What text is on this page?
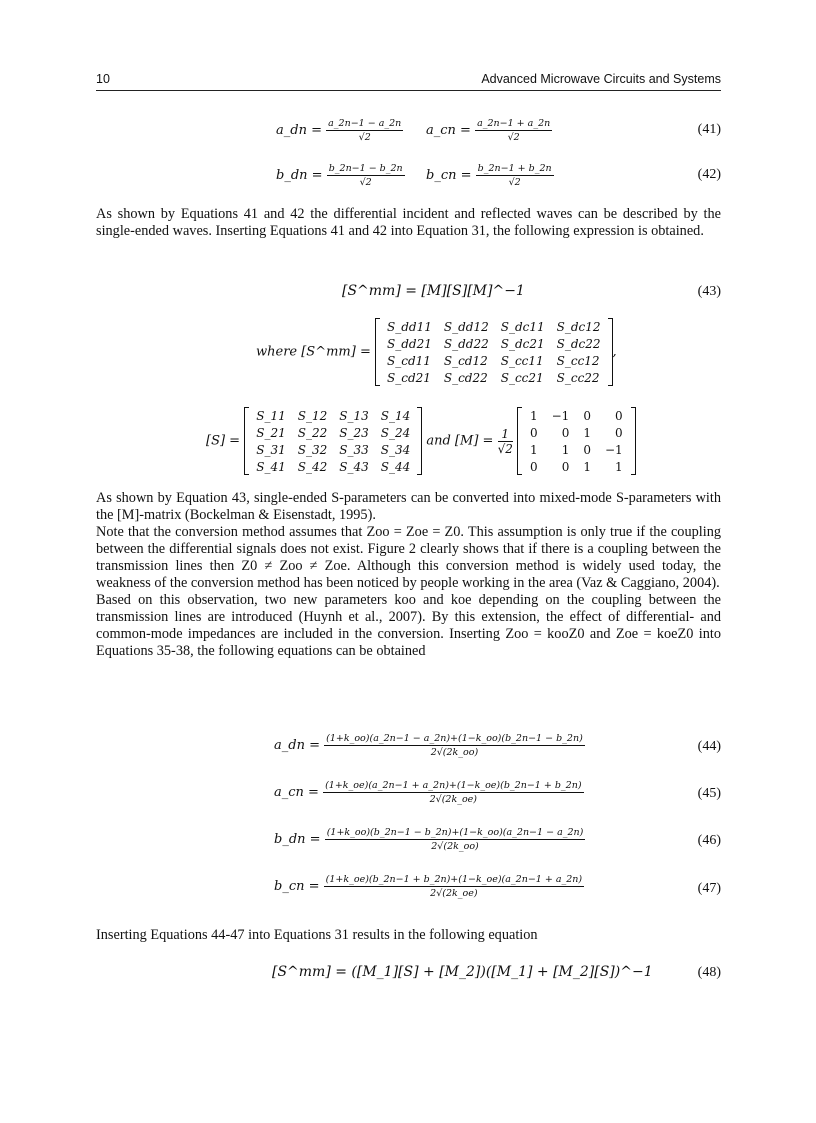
10	Advanced Microwave Circuits and Systems
a_dn = $\frac{a\_2n-1 - a\_2n}{√2}$ a_cn = $\frac{a\_2n-1 + a\_2n}{√2}$	(41)
b_dn = $\frac{b\_2n-1 - b\_2n}{√2}$ b_cn = $\frac{b\_2n-1 + b\_2n}{√2}$	(42)
As shown by Equations 41 and 42 the differential incident and reflected waves can be described by the single-ended waves. Inserting Equations 41 and 42 into Equation 31, the following expression is obtained.
[S^mm] = [M][S][M]^−1	(43)
where [S^mm] =
S_dd11	S_dd12	S_dc11	S_dc12
S_dd21	S_dd22	S_dc21	S_dc22
S_cd11	S_cd12	S_cc11	S_cc12
S_cd21	S_cd22	S_cc21	S_cc22
,
[S] =
S_11	S_12	S_13	S_14
S_21	S_22	S_23	S_24
S_31	S_32	S_33	S_34
S_41	S_42	S_43	S_44
and $[M] = \frac{1}{√2}$
1	−1	0	0
0	0	1	0
1	1	0	−1
0	0	1	1

As shown by Equation 43, single-ended S-parameters can be converted into mixed-mode S-parameters with the [M]-matrix (Bockelman & Eisenstadt, 1995).

Note that the conversion method assumes that Zoo = Zoe = Z0. This assumption is only true if the coupling between the differential signals does not exist. Figure 2 clearly shows that if there is a coupling between the transmission lines then Z0 ≠ Zoo ≠ Zoe. Although this conversion method is widely used today, the weakness of the conversion method has been noticed by people working in the area (Vaz & Caggiano, 2004).

Based on this observation, two new parameters koo and koe depending on the coupling between the transmission lines are introduced (Huynh et al., 2007). By this extension, the effect of differential- and common-mode impedances are included in the conversion. Inserting Zoo = kooZ0 and Zoe = koeZ0 into Equations 35-38, the following equations can be obtained

a_dn = $\frac{(1+k\_oo)(a\_2n-1 - a\_2n)+(1-k\_oo)(b\_2n-1 - b\_2n)}{2√(2k\_oo)}$	(44)
a_cn = $\frac{(1+k\_oe)(a\_2n-1 + a\_2n)+(1-k\_oe)(b\_2n-1 + b\_2n)}{2√(2k\_oe)}$	(45)
b_dn = $\frac{(1+k\_oo)(b\_2n-1 - b\_2n)+(1-k\_oo)(a\_2n-1 - a\_2n)}{2√(2k\_oo)}$	(46)
b_cn = $\frac{(1+k\_oe)(b\_2n-1 + b\_2n)+(1-k\_oe)(a\_2n-1 + a\_2n)}{2√(2k\_oe)}$	(47)
Inserting Equations 44-47 into Equations 31 results in the following equation
[S^mm] = ([M_1][S] + [M_2])([M_1] + [M_2][S])^−1	(48)
